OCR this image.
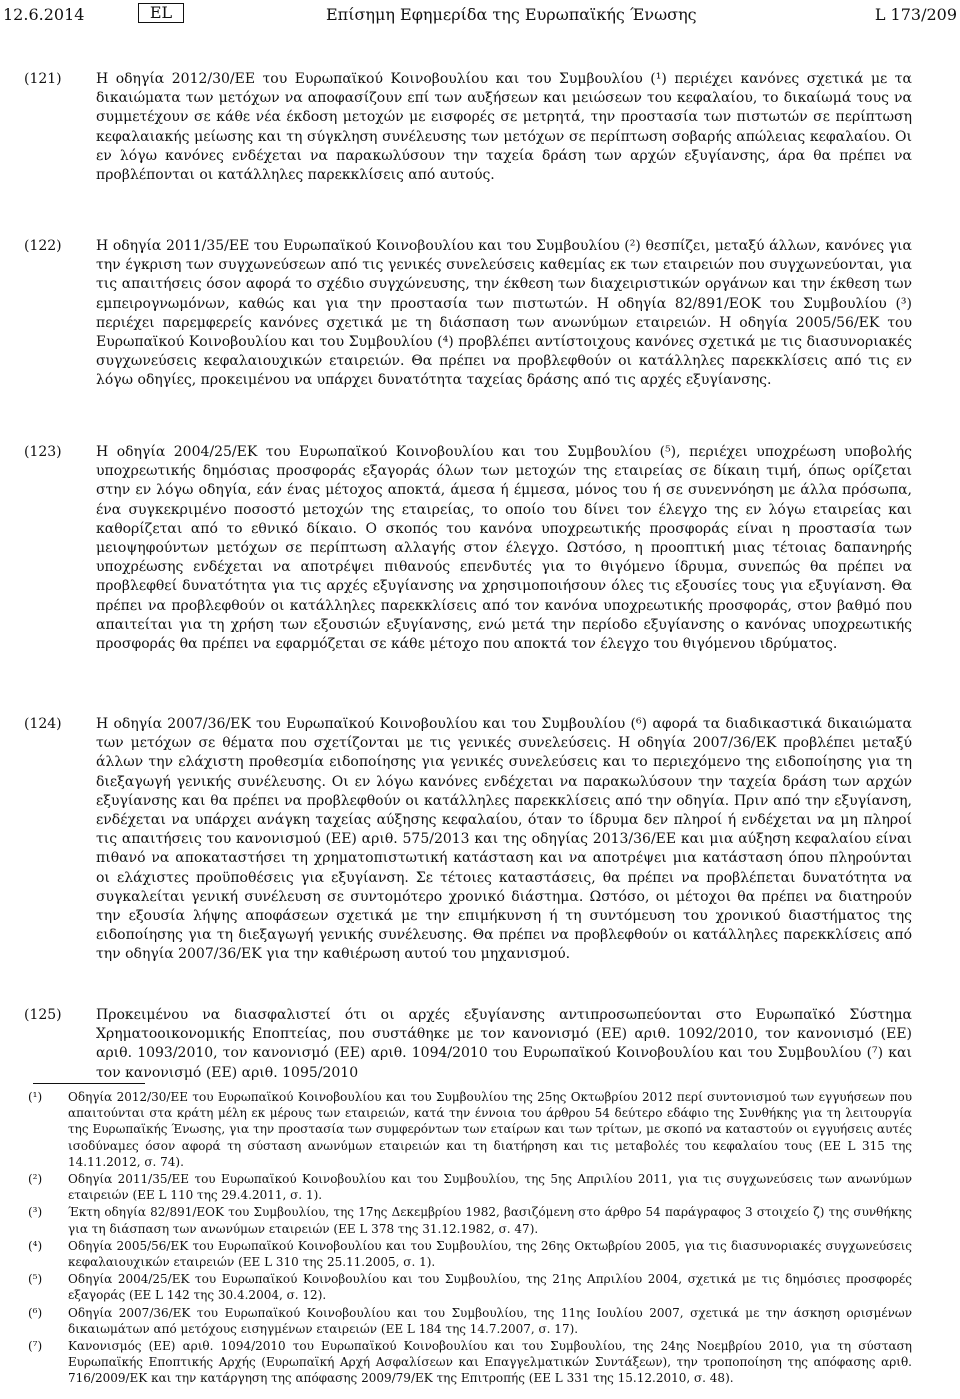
12.6.2014	EL	Επίσημη Εφημερίδα της Ευρωπαϊκής Ένωσης	L 173/209
(121)	Η οδηγία 2012/30/ΕΕ του Ευρωπαϊκού Κοινοβουλίου και του Συμβουλίου (¹) περιέχει κανόνες σχετικά με τα δικαιώματα των μετόχων να αποφασίζουν επί των αυξήσεων και μειώσεων του κεφαλαίου, το δικαίωμά τους να συμμετέχουν σε κάθε νέα έκδοση μετοχών με εισφορές σε μετρητά, την προστασία των πιστωτών σε περίπτωση κεφαλαιακής μείωσης και τη σύγκληση συνέλευσης των μετόχων σε περίπτωση σοβαρής απώλειας κεφαλαίου. Οι εν λόγω κανόνες ενδέχεται να παρακωλύσουν την ταχεία δράση των αρχών εξυγίανσης, άρα θα πρέπει να προβλέπονται οι κατάλληλες παρεκκλίσεις από αυτούς.
(122)	Η οδηγία 2011/35/ΕΕ του Ευρωπαϊκού Κοινοβουλίου και του Συμβουλίου (²) θεσπίζει, μεταξύ άλλων, κανόνες για την έγκριση των συγχωνεύσεων από τις γενικές συνελεύσεις καθεμίας εκ των εταιρειών που συγχωνεύονται, για τις απαιτήσεις όσον αφορά το σχέδιο συγχώνευσης, την έκθεση των διαχειριστικών οργάνων και την έκθεση των εμπειρογνωμόνων, καθώς και για την προστασία των πιστωτών. Η οδηγία 82/891/ΕΟΚ του Συμβουλίου (³) περιέχει παρεμφερείς κανόνες σχετικά με τη διάσπαση των ανωνύμων εταιρειών. Η οδηγία 2005/56/ΕΚ του Ευρωπαϊκού Κοινοβουλίου και του Συμβουλίου (⁴) προβλέπει αντίστοιχους κανόνες σχετικά με τις διασυνοριακές συγχωνεύσεις κεφαλαιουχικών εταιρειών. Θα πρέπει να προβλεφθούν οι κατάλληλες παρεκκλίσεις από τις εν λόγω οδηγίες, προκειμένου να υπάρχει δυνατότητα ταχείας δράσης από τις αρχές εξυγίανσης.
(123)	Η οδηγία 2004/25/ΕΚ του Ευρωπαϊκού Κοινοβουλίου και του Συμβουλίου (⁵), περιέχει υποχρέωση υποβολής υποχρεωτικής δημόσιας προσφοράς εξαγοράς όλων των μετοχών της εταιρείας σε δίκαιη τιμή, όπως ορίζεται στην εν λόγω οδηγία, εάν ένας μέτοχος αποκτά, άμεσα ή έμμεσα, μόνος του ή σε συνεννόηση με άλλα πρόσωπα, ένα συγκεκριμένο ποσοστό μετοχών της εταιρείας, το οποίο του δίνει τον έλεγχο της εν λόγω εταιρείας και καθορίζεται από το εθνικό δίκαιο. Ο σκοπός του κανόνα υποχρεωτικής προσφοράς είναι η προστασία των μειοψηφούντων μετόχων σε περίπτωση αλλαγής στον έλεγχο. Ωστόσο, η προοπτική μιας τέτοιας δαπανηρής υποχρέωσης ενδέχεται να αποτρέψει πιθανούς επενδυτές για το θιγόμενο ίδρυμα, συνεπώς θα πρέπει να προβλεφθεί δυνατότητα για τις αρχές εξυγίανσης να χρησιμοποιήσουν όλες τις εξουσίες τους για εξυγίανση. Θα πρέπει να προβλεφθούν οι κατάλληλες παρεκκλίσεις από τον κανόνα υποχρεωτικής προσφοράς, στον βαθμό που απαιτείται για τη χρήση των εξουσιών εξυγίανσης, ενώ μετά την περίοδο εξυγίανσης ο κανόνας υποχρεωτικής προσφοράς θα πρέπει να εφαρμόζεται σε κάθε μέτοχο που αποκτά τον έλεγχο του θιγόμενου ιδρύματος.
(124)	Η οδηγία 2007/36/ΕΚ του Ευρωπαϊκού Κοινοβουλίου και του Συμβουλίου (⁶) αφορά τα διαδικαστικά δικαιώματα των μετόχων σε θέματα που σχετίζονται με τις γενικές συνελεύσεις. Η οδηγία 2007/36/ΕΚ προβλέπει μεταξύ άλλων την ελάχιστη προθεσμία ειδοποίησης για γενικές συνελεύσεις και το περιεχόμενο της ειδοποίησης για τη διεξαγωγή γενικής συνέλευσης. Οι εν λόγω κανόνες ενδέχεται να παρακωλύσουν την ταχεία δράση των αρχών εξυγίανσης και θα πρέπει να προβλεφθούν οι κατάλληλες παρεκκλίσεις από την οδηγία. Πριν από την εξυγίανση, ενδέχεται να υπάρχει ανάγκη ταχείας αύξησης κεφαλαίου, όταν το ίδρυμα δεν πληροί ή ενδέχεται να μη πληροί τις απαιτήσεις του κανονισμού (ΕΕ) αριθ. 575/2013 και της οδηγίας 2013/36/ΕΕ και μια αύξηση κεφαλαίου είναι πιθανό να αποκαταστήσει τη χρηματοπιστωτική κατάσταση και να αποτρέψει μια κατάσταση όπου πληρούνται οι ελάχιστες προϋποθέσεις για εξυγίανση. Σε τέτοιες καταστάσεις, θα πρέπει να προβλέπεται δυνατότητα να συγκαλείται γενική συνέλευση σε συντομότερο χρονικό διάστημα. Ωστόσο, οι μέτοχοι θα πρέπει να διατηρούν την εξουσία λήψης αποφάσεων σχετικά με την επιμήκυνση ή τη συντόμευση του χρονικού διαστήματος της ειδοποίησης για τη διεξαγωγή γενικής συνέλευσης. Θα πρέπει να προβλεφθούν οι κατάλληλες παρεκκλίσεις από την οδηγία 2007/36/ΕΚ για την καθιέρωση αυτού του μηχανισμού.
(125)	Προκειμένου να διασφαλιστεί ότι οι αρχές εξυγίανσης αντιπροσωπεύονται στο Ευρωπαϊκό Σύστημα Χρηματοοικονομικής Εποπτείας, που συστάθηκε με τον κανονισμό (ΕΕ) αριθ. 1092/2010, τον κανονισμό (ΕΕ) αριθ. 1093/2010, τον κανονισμό (ΕΕ) αριθ. 1094/2010 του Ευρωπαϊκού Κοινοβουλίου και του Συμβουλίου (⁷) και τον κανονισμό (ΕΕ) αριθ. 1095/2010
(¹)	Οδηγία 2012/30/ΕΕ του Ευρωπαϊκού Κοινοβουλίου και του Συμβουλίου της 25ης Οκτωβρίου 2012 περί συντονισμού των εγγυήσεων που απαιτούνται στα κράτη μέλη εκ μέρους των εταιρειών, κατά την έννοια του άρθρου 54 δεύτερο εδάφιο της Συνθήκης για τη λειτουργία της Ευρωπαϊκής Ένωσης, για την προστασία των συμφερόντων των εταίρων και των τρίτων, με σκοπό να καταστούν οι εγγυήσεις αυτές ισοδύναμες όσον αφορά τη σύσταση ανωνύμων εταιρειών και τη διατήρηση και τις μεταβολές του κεφαλαίου τους (ΕΕ L 315 της 14.11.2012, σ. 74).
(²)	Οδηγία 2011/35/ΕΕ του Ευρωπαϊκού Κοινοβουλίου και του Συμβουλίου, της 5ης Απριλίου 2011, για τις συγχωνεύσεις των ανωνύμων εταιρειών (ΕΕ L 110 της 29.4.2011, σ. 1).
(³)	Έκτη οδηγία 82/891/ΕΟΚ του Συμβουλίου, της 17ης Δεκεμβρίου 1982, βασιζόμενη στο άρθρο 54 παράγραφος 3 στοιχείο ζ) της συνθήκης για τη διάσπαση των ανωνύμων εταιρειών (ΕΕ L 378 της 31.12.1982, σ. 47).
(⁴)	Οδηγία 2005/56/ΕΚ του Ευρωπαϊκού Κοινοβουλίου και του Συμβουλίου, της 26ης Οκτωβρίου 2005, για τις διασυνοριακές συγχωνεύσεις κεφαλαιουχικών εταιρειών (ΕΕ L 310 της 25.11.2005, σ. 1).
(⁵)	Οδηγία 2004/25/ΕΚ του Ευρωπαϊκού Κοινοβουλίου και του Συμβουλίου, της 21ης Απριλίου 2004, σχετικά με τις δημόσιες προσφορές εξαγοράς (ΕΕ L 142 της 30.4.2004, σ. 12).
(⁶)	Οδηγία 2007/36/ΕΚ του Ευρωπαϊκού Κοινοβουλίου και του Συμβουλίου, της 11ης Ιουλίου 2007, σχετικά με την άσκηση ορισμένων δικαιωμάτων από μετόχους εισηγμένων εταιρειών (ΕΕ L 184 της 14.7.2007, σ. 17).
(⁷)	Κανονισμός (ΕΕ) αριθ. 1094/2010 του Ευρωπαϊκού Κοινοβουλίου και του Συμβουλίου, της 24ης Νοεμβρίου 2010, για τη σύσταση Ευρωπαϊκής Εποπτικής Αρχής (Ευρωπαϊκή Αρχή Ασφαλίσεων και Επαγγελματικών Συντάξεων), την τροποποίηση της απόφασης αριθ. 716/2009/ΕΚ και την κατάργηση της απόφασης 2009/79/ΕΚ της Επιτροπής (ΕΕ L 331 της 15.12.2010, σ. 48).
